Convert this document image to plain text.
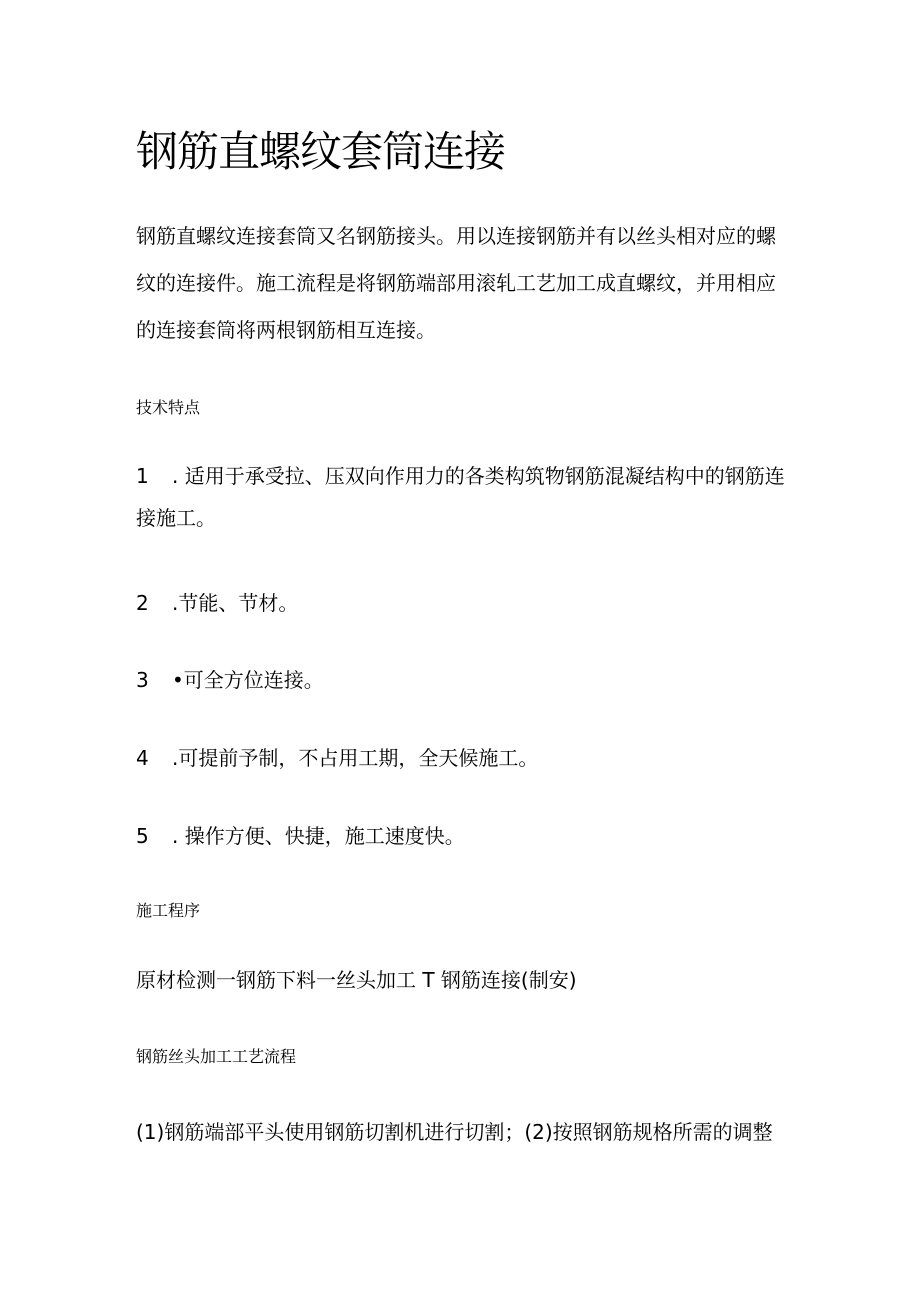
钢筋直螺纹套筒连接

钢筋直螺纹连接套筒又名钢筋接头。用以连接钢筋并有以丝头相对应的螺纹的连接件。施工流程是将钢筋端部用滚轧工艺加工成直螺纹，并用相应的连接套筒将两根钢筋相互连接。

技术特点
1 . 适用于承受拉、压双向作用力的各类构筑物钢筋混凝结构中的钢筋连接施工。
2	.节能、节材。
3	•可全方位连接。
4	.可提前予制，不占用工期，全天候施工。
5	. 操作方便、快捷，施工速度快。
施工程序
原材检测一钢筋下料一丝头加工 T 钢筋连接(制安)
钢筋丝头加工工艺流程
(1)钢筋端部平头使用钢筋切割机进行切割；(2)按照钢筋规格所需的调整
